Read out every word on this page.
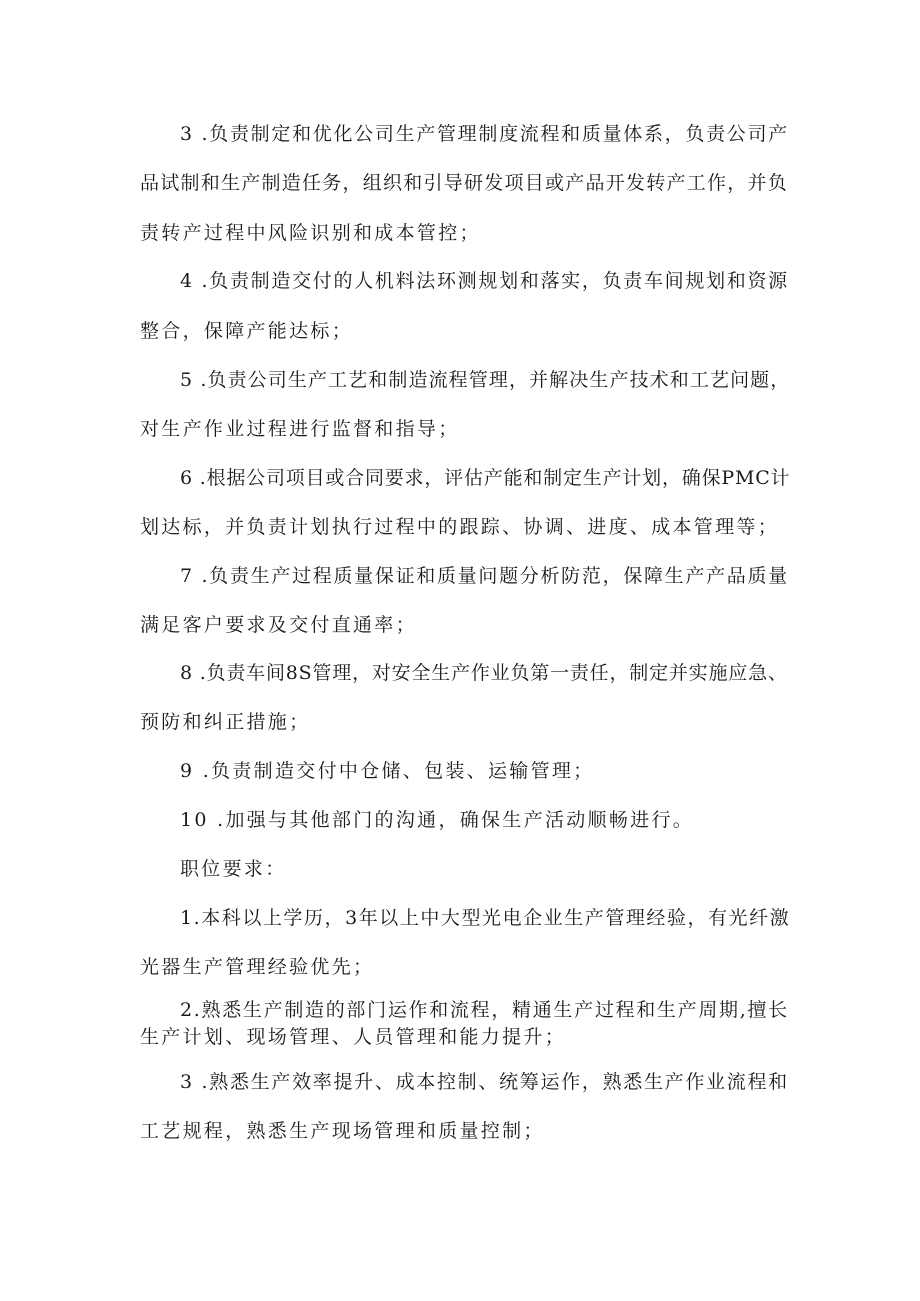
3 .负责制定和优化公司生产管理制度流程和质量体系，负责公司产
品试制和生产制造任务，组织和引导研发项目或产品开发转产工作，并负
责转产过程中风险识别和成本管控；
4 .负责制造交付的人机料法环测规划和落实，负责车间规划和资源
整合，保障产能达标；
5 .负责公司生产工艺和制造流程管理，并解决生产技术和工艺问题，
对生产作业过程进行监督和指导；
6 .根据公司项目或合同要求，评估产能和制定生产计划，确保PMC计
划达标，并负责计划执行过程中的跟踪、协调、进度、成本管理等；
7 .负责生产过程质量保证和质量问题分析防范，保障生产产品质量
满足客户要求及交付直通率；
8 .负责车间8S管理，对安全生产作业负第一责任，制定并实施应急、
预防和纠正措施；
9 .负责制造交付中仓储、包装、运输管理；
10 .加强与其他部门的沟通，确保生产活动顺畅进行。
职位要求：
1.本科以上学历，3年以上中大型光电企业生产管理经验，有光纤激
光器生产管理经验优先；
2.熟悉生产制造的部门运作和流程，精通生产过程和生产周期,擅长
生产计划、现场管理、人员管理和能力提升；
3 .熟悉生产效率提升、成本控制、统筹运作，熟悉生产作业流程和
工艺规程，熟悉生产现场管理和质量控制；
